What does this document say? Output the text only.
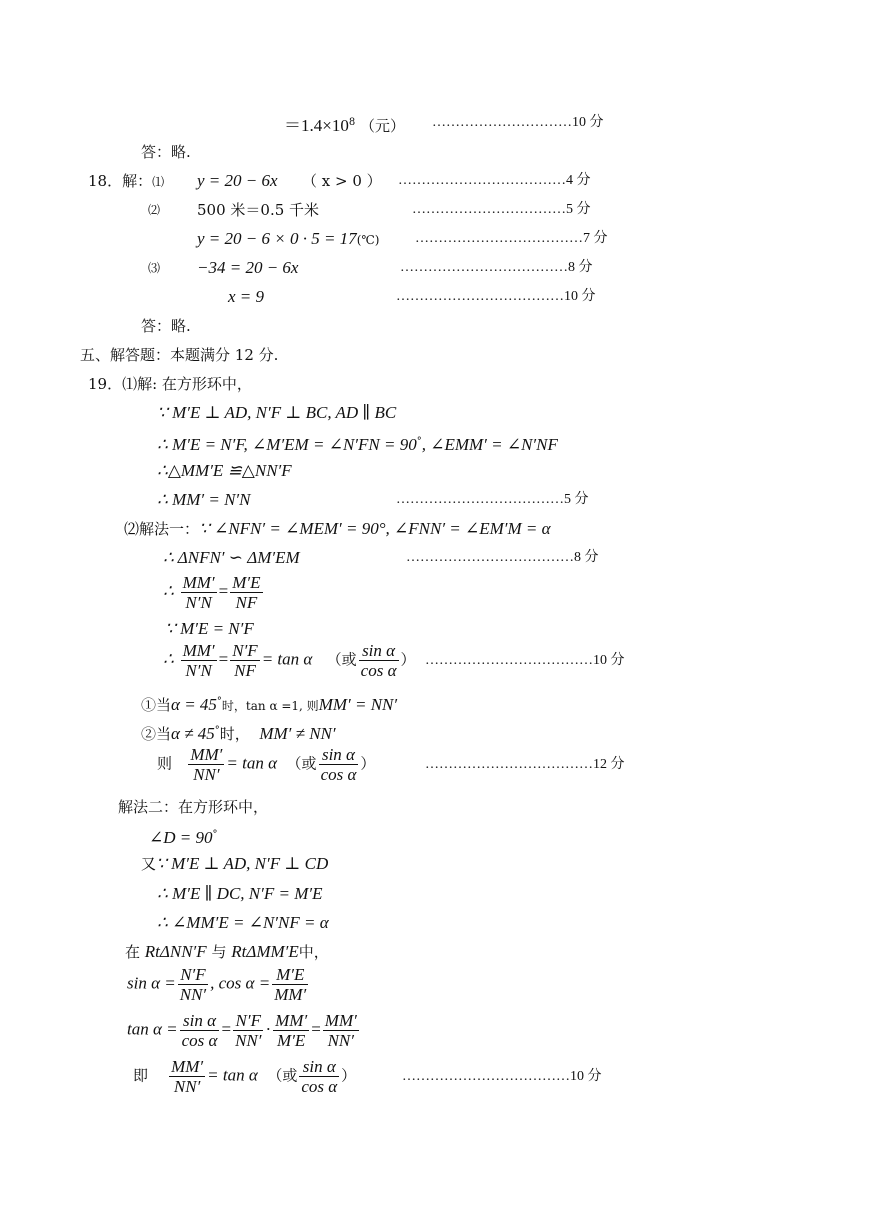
$=1.4\times 10^8$ （元） …………………………10 分
答：略.
18．解：⑴ y = 20 − 6x （ x > 0 ） ………………………………4 分
⑵ 500 米＝0.5 千米	……………………………5 分
y = 20 − 6 × 0 · 5 = 17(℃)	………………………………7 分
⑶ −34 = 20 − 6x	………………………………8 分
x = 9	………………………………10 分
答：略.
五、解答题：本题满分 12 分.
19．⑴解: 在方形环中，
∵ M′E ⊥ AD, N′F ⊥ BC, AD ∥ BC
∴ M′E = N′F, ∠M′EM = ∠N′FN = 90°, ∠EMM′ = ∠N′NF
∴△MM′E ≌△NN′F
∴ MM′ = N′N	………………………………5 分
⑵解法一：∵ ∠NFN′ = ∠MEM′ = 90°, ∠FNN′ = ∠EM′M = α
∴ ΔNFN′ ∽ ΔM′EM	………………………………8 分
∴ $\frac{MM'}{N'N} = \frac{M'E}{NF}$
∵ M′E = N′F
∴ $\frac{MM'}{N'N} = \frac{N'F}{NF} = \tan \alpha$ （或 $\frac{\text{sin α}}{\text{cos α}}$ ） ………………………………10 分
①当α = 45°时，tan α =1, 则MM′ = NN′
②当α ≠ 45°时， MM′ ≠ NN′
则 $\frac{MM'}{NN'} = \tan \alpha$ （或 $\frac{\text{sin α}}{\text{cos α}}$ ）	………………………………12 分
解法二：在方形环中，
∠D = 90°
又∵ M′E ⊥ AD, N′F ⊥ CD
∴ M′E ∥ DC, N′F = M′E
∴ ∠MM′E = ∠N′NF = α
在 RtΔNN′F 与 RtΔMM′E中，
$\sin \alpha = \frac{N'F}{NN'}$ , $\cos \alpha = \frac{M'E}{MM'}$
$\tan \alpha = \frac{\text{sin α}}{\text{cos α}} = \frac{N'F}{NN'} \cdot \frac{MM'}{M'E} = \frac{MM'}{NN'}$
即 $\frac{MM'}{NN'} = \tan \alpha$ （或 $\frac{\text{sin α}}{\text{cos α}}$ ）	………………………………10 分
